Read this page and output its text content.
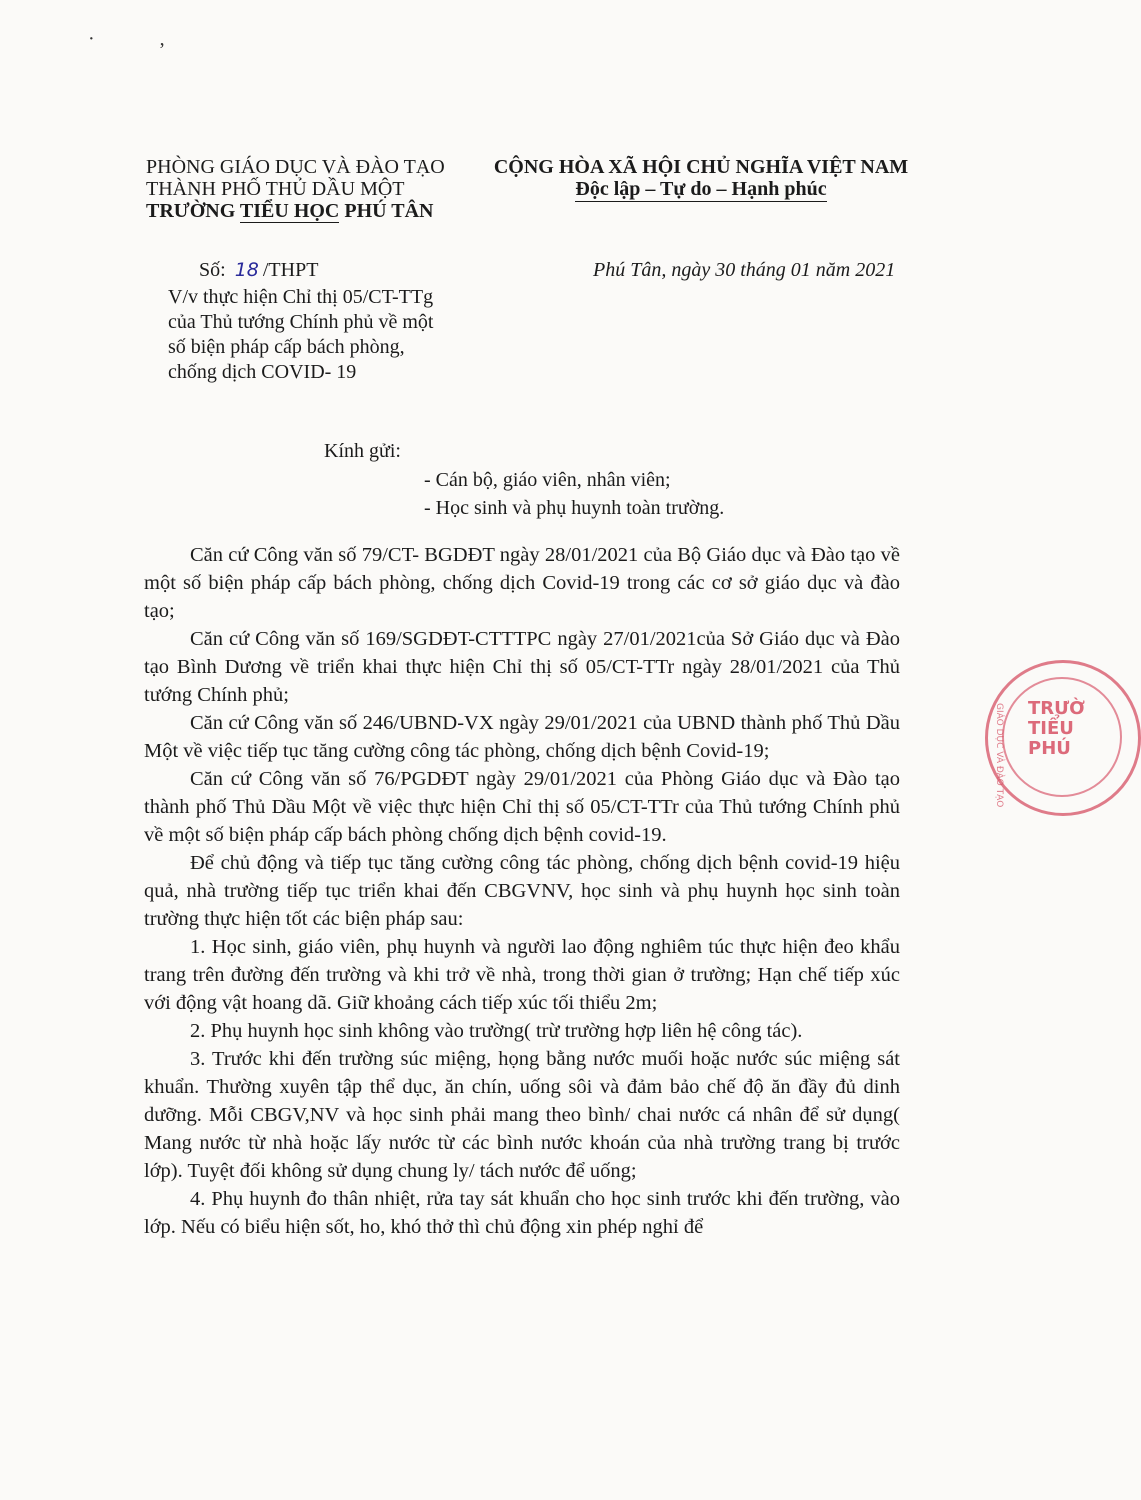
· ,
PHÒNG GIÁO DỤC VÀ ĐÀO TẠO
THÀNH PHỐ THỦ DẦU MỘT
TRƯỜNG TIỂU HỌC PHÚ TÂN
CỘNG HÒA XÃ HỘI CHỦ NGHĨA VIỆT NAM
Độc lập – Tự do – Hạnh phúc
Số: 18 /THPT	Phú Tân, ngày 30 tháng 01 năm 2021
V/v thực hiện Chỉ thị 05/CT-TTg
của Thủ tướng Chính phủ về một
số biện pháp cấp bách phòng,
chống dịch COVID- 19
Kính gửi:
- Cán bộ, giáo viên, nhân viên;
- Học sinh và phụ huynh toàn trường.

Căn cứ Công văn số 79/CT- BGDĐT ngày 28/01/2021 của Bộ Giáo dục và Đào tạo về một số biện pháp cấp bách phòng, chống dịch Covid-19 trong các cơ sở giáo dục và đào tạo;

Căn cứ Công văn số 169/SGDĐT-CTTTPC ngày 27/01/2021của Sở Giáo dục và Đào tạo Bình Dương về triển khai thực hiện Chỉ thị số 05/CT-TTr ngày 28/01/2021 của Thủ tướng Chính phủ;

Căn cứ Công văn số 246/UBND-VX ngày 29/01/2021 của UBND thành phố Thủ Dầu Một về việc tiếp tục tăng cường công tác phòng, chống dịch bệnh Covid-19;

Căn cứ Công văn số 76/PGDĐT ngày 29/01/2021 của Phòng Giáo dục và Đào tạo thành phố Thủ Dầu Một về việc thực hiện Chỉ thị số 05/CT-TTr của Thủ tướng Chính phủ về một số biện pháp cấp bách phòng chống dịch bệnh covid-19.

Để chủ động và tiếp tục tăng cường công tác phòng, chống dịch bệnh covid-19 hiệu quả, nhà trường tiếp tục triển khai đến CBGVNV, học sinh và phụ huynh học sinh toàn trường thực hiện tốt các biện pháp sau:

1. Học sinh, giáo viên, phụ huynh và người lao động nghiêm túc thực hiện đeo khẩu trang trên đường đến trường và khi trở về nhà, trong thời gian ở trường; Hạn chế tiếp xúc với động vật hoang dã. Giữ khoảng cách tiếp xúc tối thiểu 2m;

2. Phụ huynh học sinh không vào trường( trừ trường hợp liên hệ công tác).

3. Trước khi đến trường súc miệng, họng bằng nước muối hoặc nước súc miệng sát khuẩn. Thường xuyên tập thể dục, ăn chín, uống sôi và đảm bảo chế độ ăn đầy đủ dinh dưỡng. Mỗi CBGV,NV và học sinh phải mang theo bình/ chai nước cá nhân để sử dụng( Mang nước từ nhà hoặc lấy nước từ các bình nước khoán của nhà trường trang bị trước lớp). Tuyệt đối không sử dụng chung ly/ tách nước để uống;

4. Phụ huynh đo thân nhiệt, rửa tay sát khuẩn cho học sinh trước khi đến trường, vào lớp. Nếu có biểu hiện sốt, ho, khó thở thì chủ động xin phép nghỉ để

GIÁO DỤC VÀ ĐÀO TẠO TRƯỜ
TIỂU
PHÚ
